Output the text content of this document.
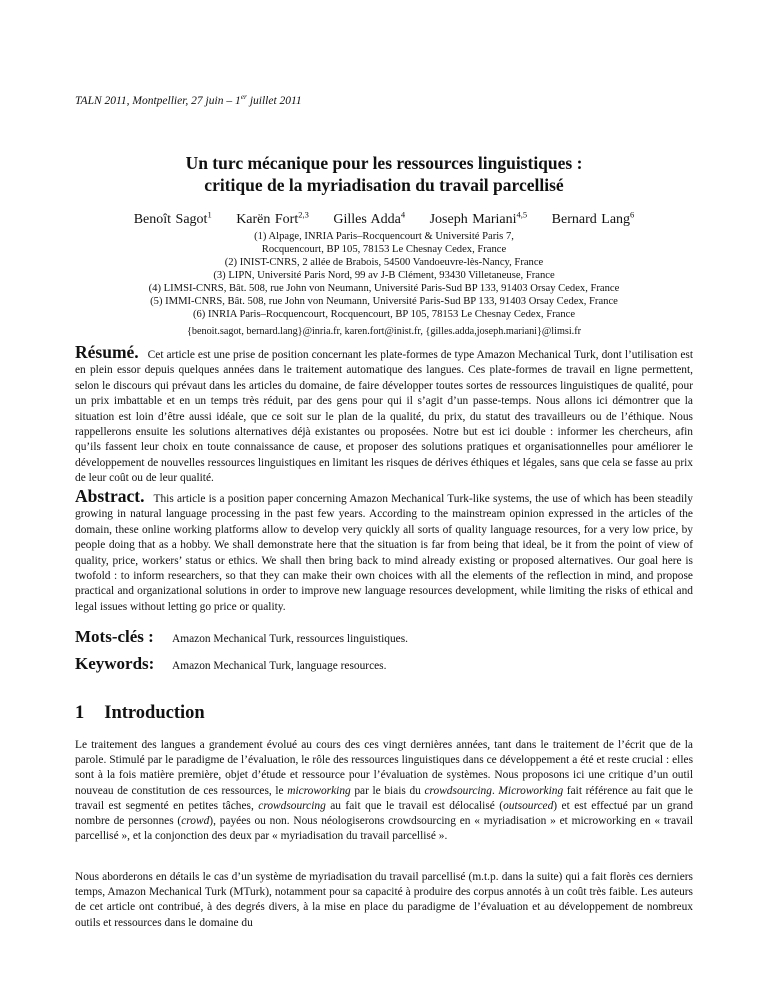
TALN 2011, Montpellier, 27 juin – 1er juillet 2011
Un turc mécanique pour les ressources linguistiques :
critique de la myriadisation du travail parcellisé
Benoît Sagot$^1$ Karën Fort$^{2,3}$ Gilles Adda$^4$ Joseph Mariani$^{4,5}$ Bernard Lang$^6$
(1) Alpage, INRIA Paris–Rocquencourt & Université Paris 7,
Rocquencourt, BP 105, 78153 Le Chesnay Cedex, France
(2) INIST-CNRS, 2 allée de Brabois, 54500 Vandoeuvre-lès-Nancy, France
(3) LIPN, Université Paris Nord, 99 av J-B Clément, 93430 Villetaneuse, France
(4) LIMSI-CNRS, Bât. 508, rue John von Neumann, Université Paris-Sud BP 133, 91403 Orsay Cedex, France
(5) IMMI-CNRS, Bât. 508, rue John von Neumann, Université Paris-Sud BP 133, 91403 Orsay Cedex, France
(6) INRIA Paris–Rocquencourt, Rocquencourt, BP 105, 78153 Le Chesnay Cedex, France
{benoit.sagot, bernard.lang}@inria.fr, karen.fort@inist.fr, {gilles.adda,joseph.mariani}@limsi.fr
Résumé. Cet article est une prise de position concernant les plate-formes de type Amazon Mechanical Turk, dont l’utilisation est en plein essor depuis quelques années dans le traitement automatique des langues. Ces plate-formes de travail en ligne permettent, selon le discours qui prévaut dans les articles du domaine, de faire développer toutes sortes de ressources linguistiques de qualité, pour un prix imbattable et en un temps très réduit, par des gens pour qui il s’agit d’un passe-temps. Nous allons ici démontrer que la situation est loin d’être aussi idéale, que ce soit sur le plan de la qualité, du prix, du statut des travailleurs ou de l’éthique. Nous rappellerons ensuite les solutions alternatives déjà existantes ou proposées. Notre but est ici double : informer les chercheurs, afin qu’ils fassent leur choix en toute connaissance de cause, et proposer des solutions pratiques et organisationnelles pour améliorer le développement de nouvelles ressources linguistiques en limitant les risques de dérives éthiques et légales, sans que cela se fasse au prix de leur coût ou de leur qualité.
Abstract. This article is a position paper concerning Amazon Mechanical Turk-like systems, the use of which has been steadily growing in natural language processing in the past few years. According to the mainstream opinion expressed in the articles of the domain, these online working platforms allow to develop very quickly all sorts of quality language resources, for a very low price, by people doing that as a hobby. We shall demonstrate here that the situation is far from being that ideal, be it from the point of view of quality, price, workers’ status or ethics. We shall then bring back to mind already existing or proposed alternatives. Our goal here is twofold : to inform researchers, so that they can make their own choices with all the elements of the reflection in mind, and propose practical and organizational solutions in order to improve new language resources development, while limiting the risks of ethical and legal issues without letting go price or quality.
Mots-clés :	Amazon Mechanical Turk, ressources linguistiques.
Keywords:	Amazon Mechanical Turk, language resources.
1 Introduction
Le traitement des langues a grandement évolué au cours des ces vingt dernières années, tant dans le traitement de l’écrit que de la parole. Stimulé par le paradigme de l’évaluation, le rôle des ressources linguistiques dans ce développement a été et reste crucial : elles sont à la fois matière première, objet d’étude et ressource pour l’évaluation de systèmes. Nous proposons ici une critique d’un outil nouveau de constitution de ces ressources, le microworking par le biais du crowdsourcing. Microworking fait référence au fait que le travail est segmenté en petites tâches, crowdsourcing au fait que le travail est délocalisé (outsourced) et est effectué par un grand nombre de personnes (crowd), payées ou non. Nous néologiserons crowdsourcing en « myriadisation » et microworking en « travail parcellisé », et la conjonction des deux par « myriadisation du travail parcellisé ».
Nous aborderons en détails le cas d’un système de myriadisation du travail parcellisé (m.t.p. dans la suite) qui a fait florès ces derniers temps, Amazon Mechanical Turk (MTurk), notamment pour sa capacité à produire des corpus annotés à un coût très faible. Les auteurs de cet article ont contribué, à des degrés divers, à la mise en place du paradigme de l’évaluation et au développement de nombreux outils et ressources dans le domaine du
